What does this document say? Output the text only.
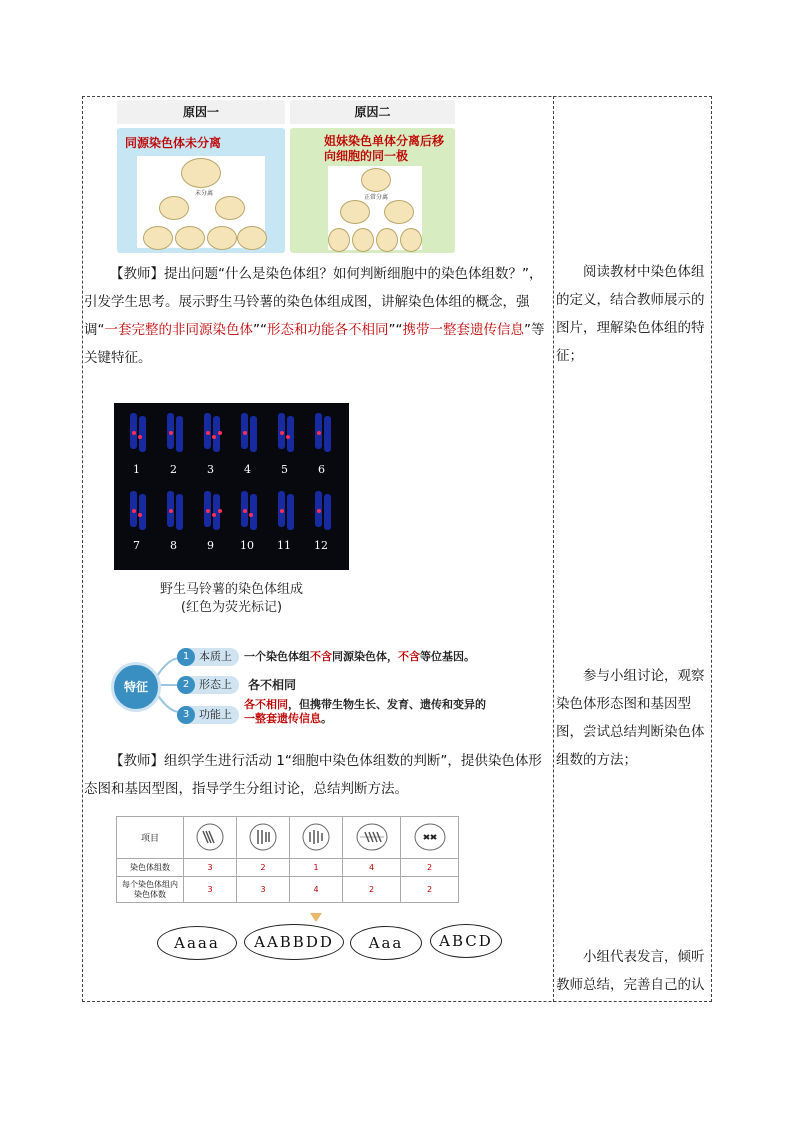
原因一	原因二
同源染色体未分离
未分离
姐妹染色单体分离后移向细胞的同一极
正常分离
【教师】提出问题“什么是染色体组？如何判断细胞中的染色体组数？”，引发学生思考。展示野生马铃薯的染色体组成图，讲解染色体组的概念，强调“一套完整的非同源染色体”“形态和功能各不相同”“携带一整套遗传信息”等关键特征。
1	2	3	4	5	6
7	8	9 10 11 12
野生马铃薯的染色体组成
(红色为荧光标记)
特征
1 本质上 一个染色体组不含同源染色体，不含等位基因。
2 形态上 各不相同
3 功能上
各不相同，但携带生物生长、发育、遗传和变异的一整套遗传信息。
【教师】组织学生进行活动 1“细胞中染色体组数的判断”，提供染色体形态图和基因型图，指导学生分组讨论，总结判断方法。
项目					
染色体组数	3	2	1	4	2
每个染色体组内染色体数	3	3	4	2	2
Aaaa	AABBDD	Aaa	ABCD
阅读教材中染色体组的定义，结合教师展示的图片，理解染色体组的特征；
参与小组讨论，观察染色体形态图和基因型图，尝试总结判断染色体组数的方法；
小组代表发言，倾听教师总结，完善自己的认
